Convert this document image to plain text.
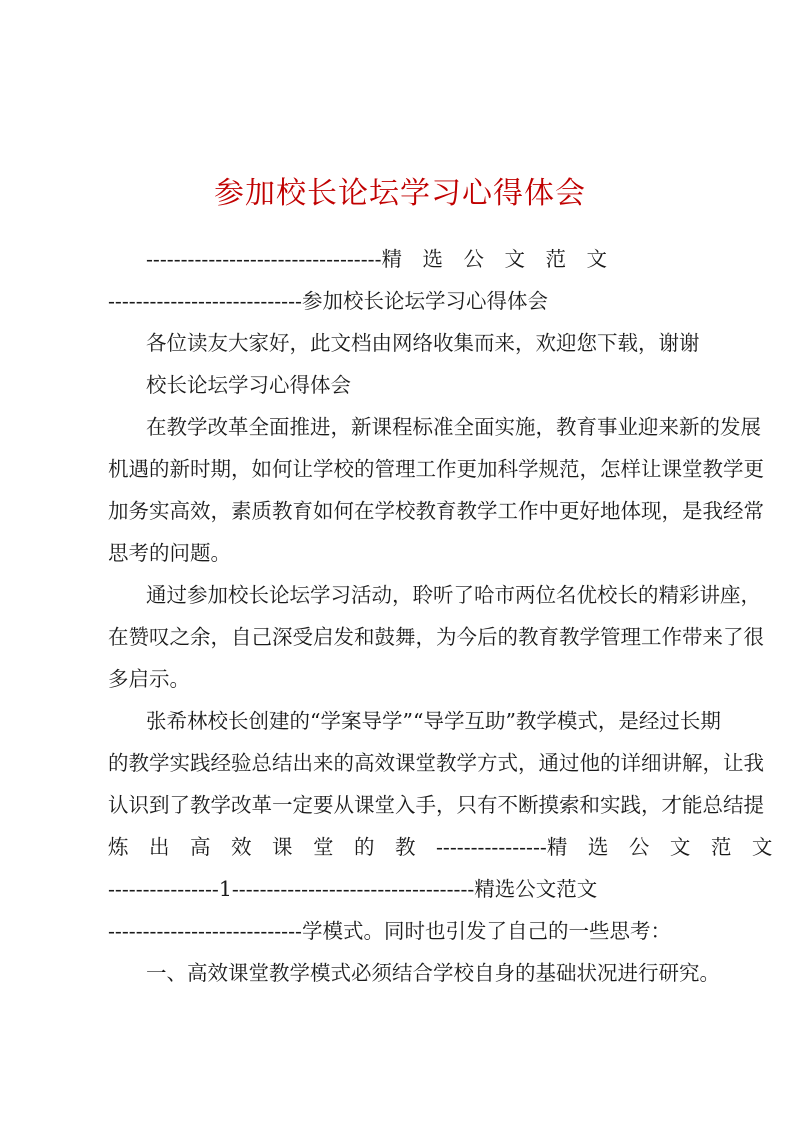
参加校长论坛学习心得体会
----------------------------------精　选　公　文　范　文
----------------------------参加校长论坛学习心得体会
各位读友大家好，此文档由网络收集而来，欢迎您下载，谢谢
校长论坛学习心得体会
在教学改革全面推进，新课程标准全面实施，教育事业迎来新的发展
机遇的新时期，如何让学校的管理工作更加科学规范，怎样让课堂教学更
加务实高效，素质教育如何在学校教育教学工作中更好地体现，是我经常
思考的问题。
通过参加校长论坛学习活动，聆听了哈市两位名优校长的精彩讲座，
在赞叹之余，自己深受启发和鼓舞，为今后的教育教学管理工作带来了很
多启示。
张希林校长创建的“学案导学”“导学互助”教学模式，是经过长期
的教学实践经验总结出来的高效课堂教学方式，通过他的详细讲解，让我
认识到了教学改革一定要从课堂入手，只有不断摸索和实践，才能总结提
炼　出　高　效　课　堂　的　教　----------------精　选　公　文　范　文
----------------1-----------------------------------精选公文范文
----------------------------学模式。同时也引发了自己的一些思考：
一、高效课堂教学模式必须结合学校自身的基础状况进行研究。
